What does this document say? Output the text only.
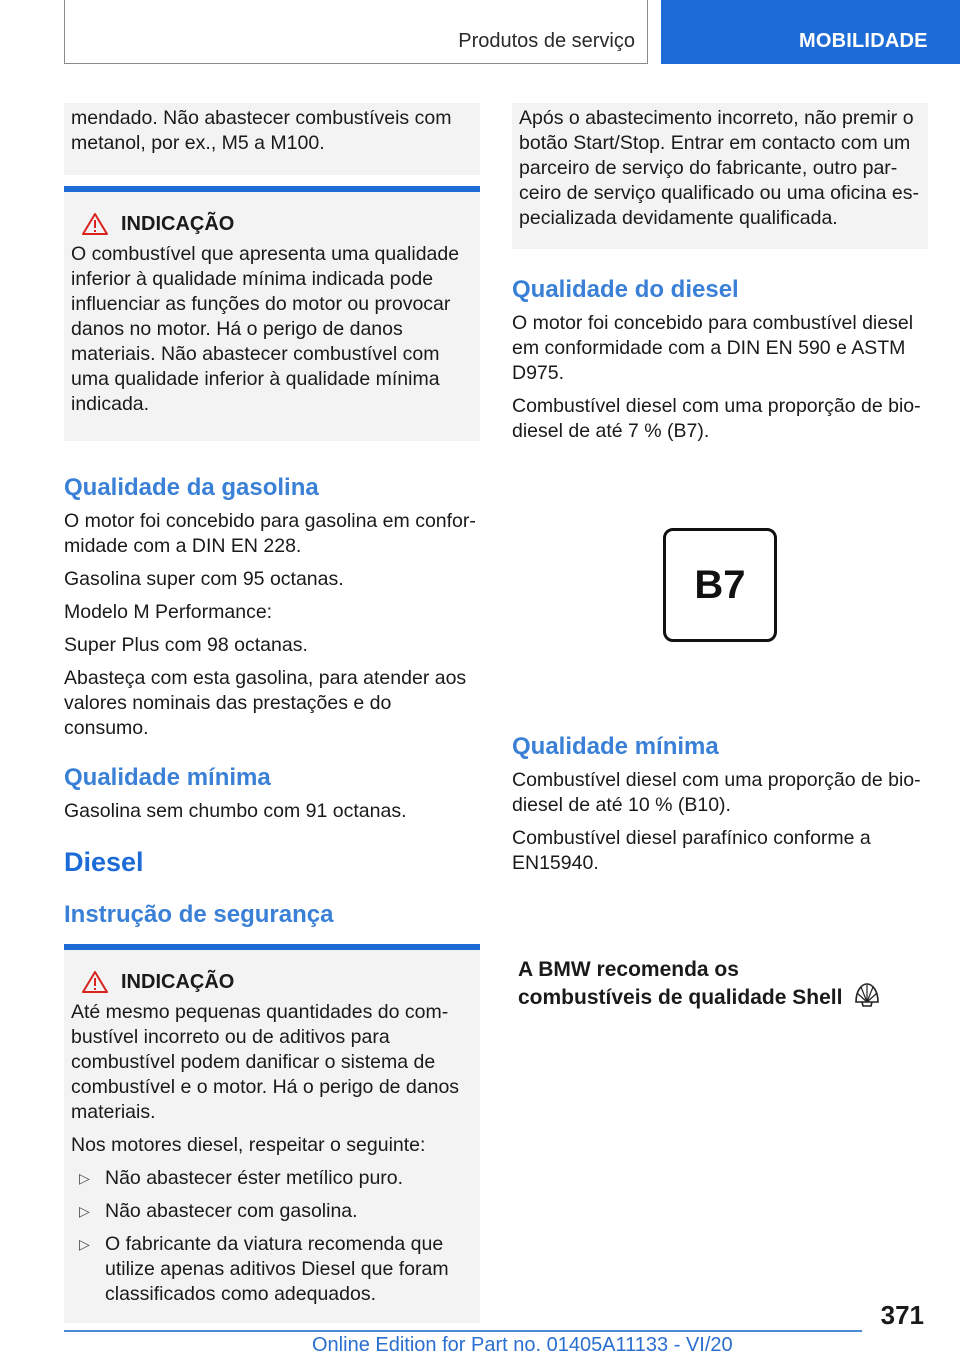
Produtos de serviço	MOBILIDADE

mendado. Não abastecer combustíveis com metanol, por ex., M5 a M100.

INDICAÇÃO

O combustível que apresenta uma qualidade inferior à qualidade mínima indicada pode influenciar as funções do motor ou provocar danos no motor. Há o perigo de danos materiais. Não abastecer combustível com uma qualidade inferior à qualidade mínima indicada.

Qualidade da gasolina

O motor foi concebido para gasolina em conformidade com a DIN EN 228.

Gasolina super com 95 octanas.

Modelo M Performance:

Super Plus com 98 octanas.

Abasteça com esta gasolina, para atender aos valores nominais das prestações e do consumo.

Qualidade mínima

Gasolina sem chumbo com 91 octanas.

Diesel
Instrução de segurança
INDICAÇÃO

Até mesmo pequenas quantidades do combustível incorreto ou de aditivos para combustível podem danificar o sistema de combustível e o motor. Há o perigo de danos materiais.

Nos motores diesel, respeitar o seguinte:

▷ Não abastecer éster metílico puro.
▷ Não abastecer com gasolina.
▷ O fabricante da viatura recomenda que utilize apenas aditivos Diesel que foram classificados como adequados.

Após o abastecimento incorreto, não premir o botão Start/Stop. Entrar em contacto com um parceiro de serviço do fabricante, outro parceiro de serviço qualificado ou uma oficina especializada devidamente qualificada.

Qualidade do diesel

O motor foi concebido para combustível diesel em conformidade com a DIN EN 590 e ASTM D975.

Combustível diesel com uma proporção de biodiesel de até 7 % (B7).

B7
Qualidade mínima

Combustível diesel com uma proporção de biodiesel de até 10 % (B10).

Combustível diesel parafínico conforme a EN15940.

A BMW recomenda os
combustíveis de qualidade Shell
371
Online Edition for Part no. 01405A11133 - VI/20
